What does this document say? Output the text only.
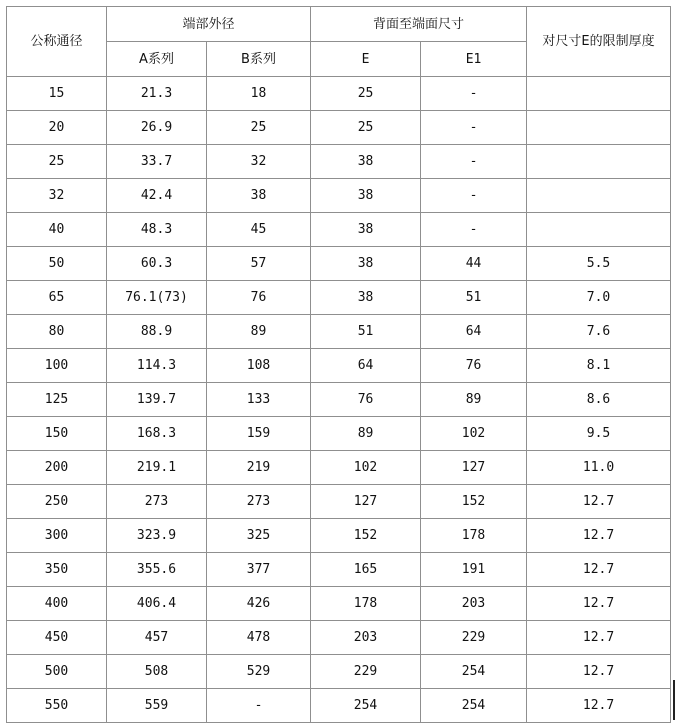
公称通径	端部外径		背面至端面尺寸		对尺寸E的限制厚度
	A系列	B系列	E	E1	
15	21.3	18	25	-	
20	26.9	25	25	-	
25	33.7	32	38	-	
32	42.4	38	38	-	
40	48.3	45	38	-	
50	60.3	57	38	44	5.5
65	76.1(73)	76	38	51	7.0
80	88.9	89	51	64	7.6
100	114.3	108	64	76	8.1
125	139.7	133	76	89	8.6
150	168.3	159	89	102	9.5
200	219.1	219	102	127	11.0
250	273	273	127	152	12.7
300	323.9	325	152	178	12.7
350	355.6	377	165	191	12.7
400	406.4	426	178	203	12.7
450	457	478	203	229	12.7
500	508	529	229	254	12.7
550	559	-	254	254	12.7
